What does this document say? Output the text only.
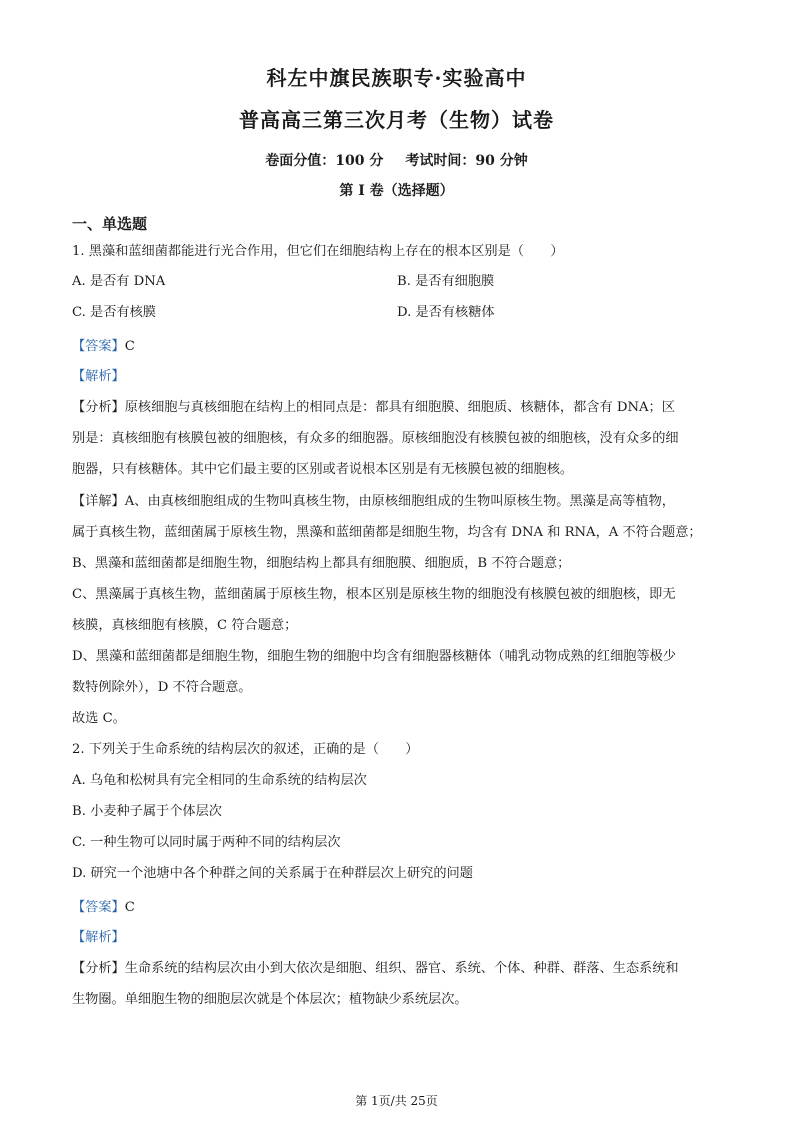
科左中旗民族职专·实验高中
普高高三第三次月考（生物）试卷
卷面分值：100 分 考试时间：90 分钟
第 I 卷（选择题）
一、单选题
1. 黑藻和蓝细菌都能进行光合作用，但它们在细胞结构上存在的根本区别是（　　）
A. 是否有 DNA	B. 是否有细胞膜
C. 是否有核膜	D. 是否有核糖体
【答案】C
【解析】
【分析】原核细胞与真核细胞在结构上的相同点是：都具有细胞膜、细胞质、核糖体，都含有 DNA；区
别是：真核细胞有核膜包被的细胞核，有众多的细胞器。原核细胞没有核膜包被的细胞核，没有众多的细
胞器，只有核糖体。其中它们最主要的区别或者说根本区别是有无核膜包被的细胞核。
【详解】A、由真核细胞组成的生物叫真核生物，由原核细胞组成的生物叫原核生物。黑藻是高等植物，
属于真核生物，蓝细菌属于原核生物，黑藻和蓝细菌都是细胞生物，均含有 DNA 和 RNA，A 不符合题意；
B、黑藻和蓝细菌都是细胞生物，细胞结构上都具有细胞膜、细胞质，B 不符合题意；
C、黑藻属于真核生物，蓝细菌属于原核生物，根本区别是原核生物的细胞没有核膜包被的细胞核，即无
核膜，真核细胞有核膜，C 符合题意；
D、黑藻和蓝细菌都是细胞生物，细胞生物的细胞中均含有细胞器核糖体（哺乳动物成熟的红细胞等极少
数特例除外），D 不符合题意。
故选 C。
2. 下列关于生命系统的结构层次的叙述，正确的是（　　）
A. 乌龟和松树具有完全相同的生命系统的结构层次
B. 小麦种子属于个体层次
C. 一种生物可以同时属于两种不同的结构层次
D. 研究一个池塘中各个种群之间的关系属于在种群层次上研究的问题
【答案】C
【解析】
【分析】生命系统的结构层次由小到大依次是细胞、组织、器官、系统、个体、种群、群落、生态系统和
生物圈。单细胞生物的细胞层次就是个体层次；植物缺少系统层次。
第 1页/共 25页
